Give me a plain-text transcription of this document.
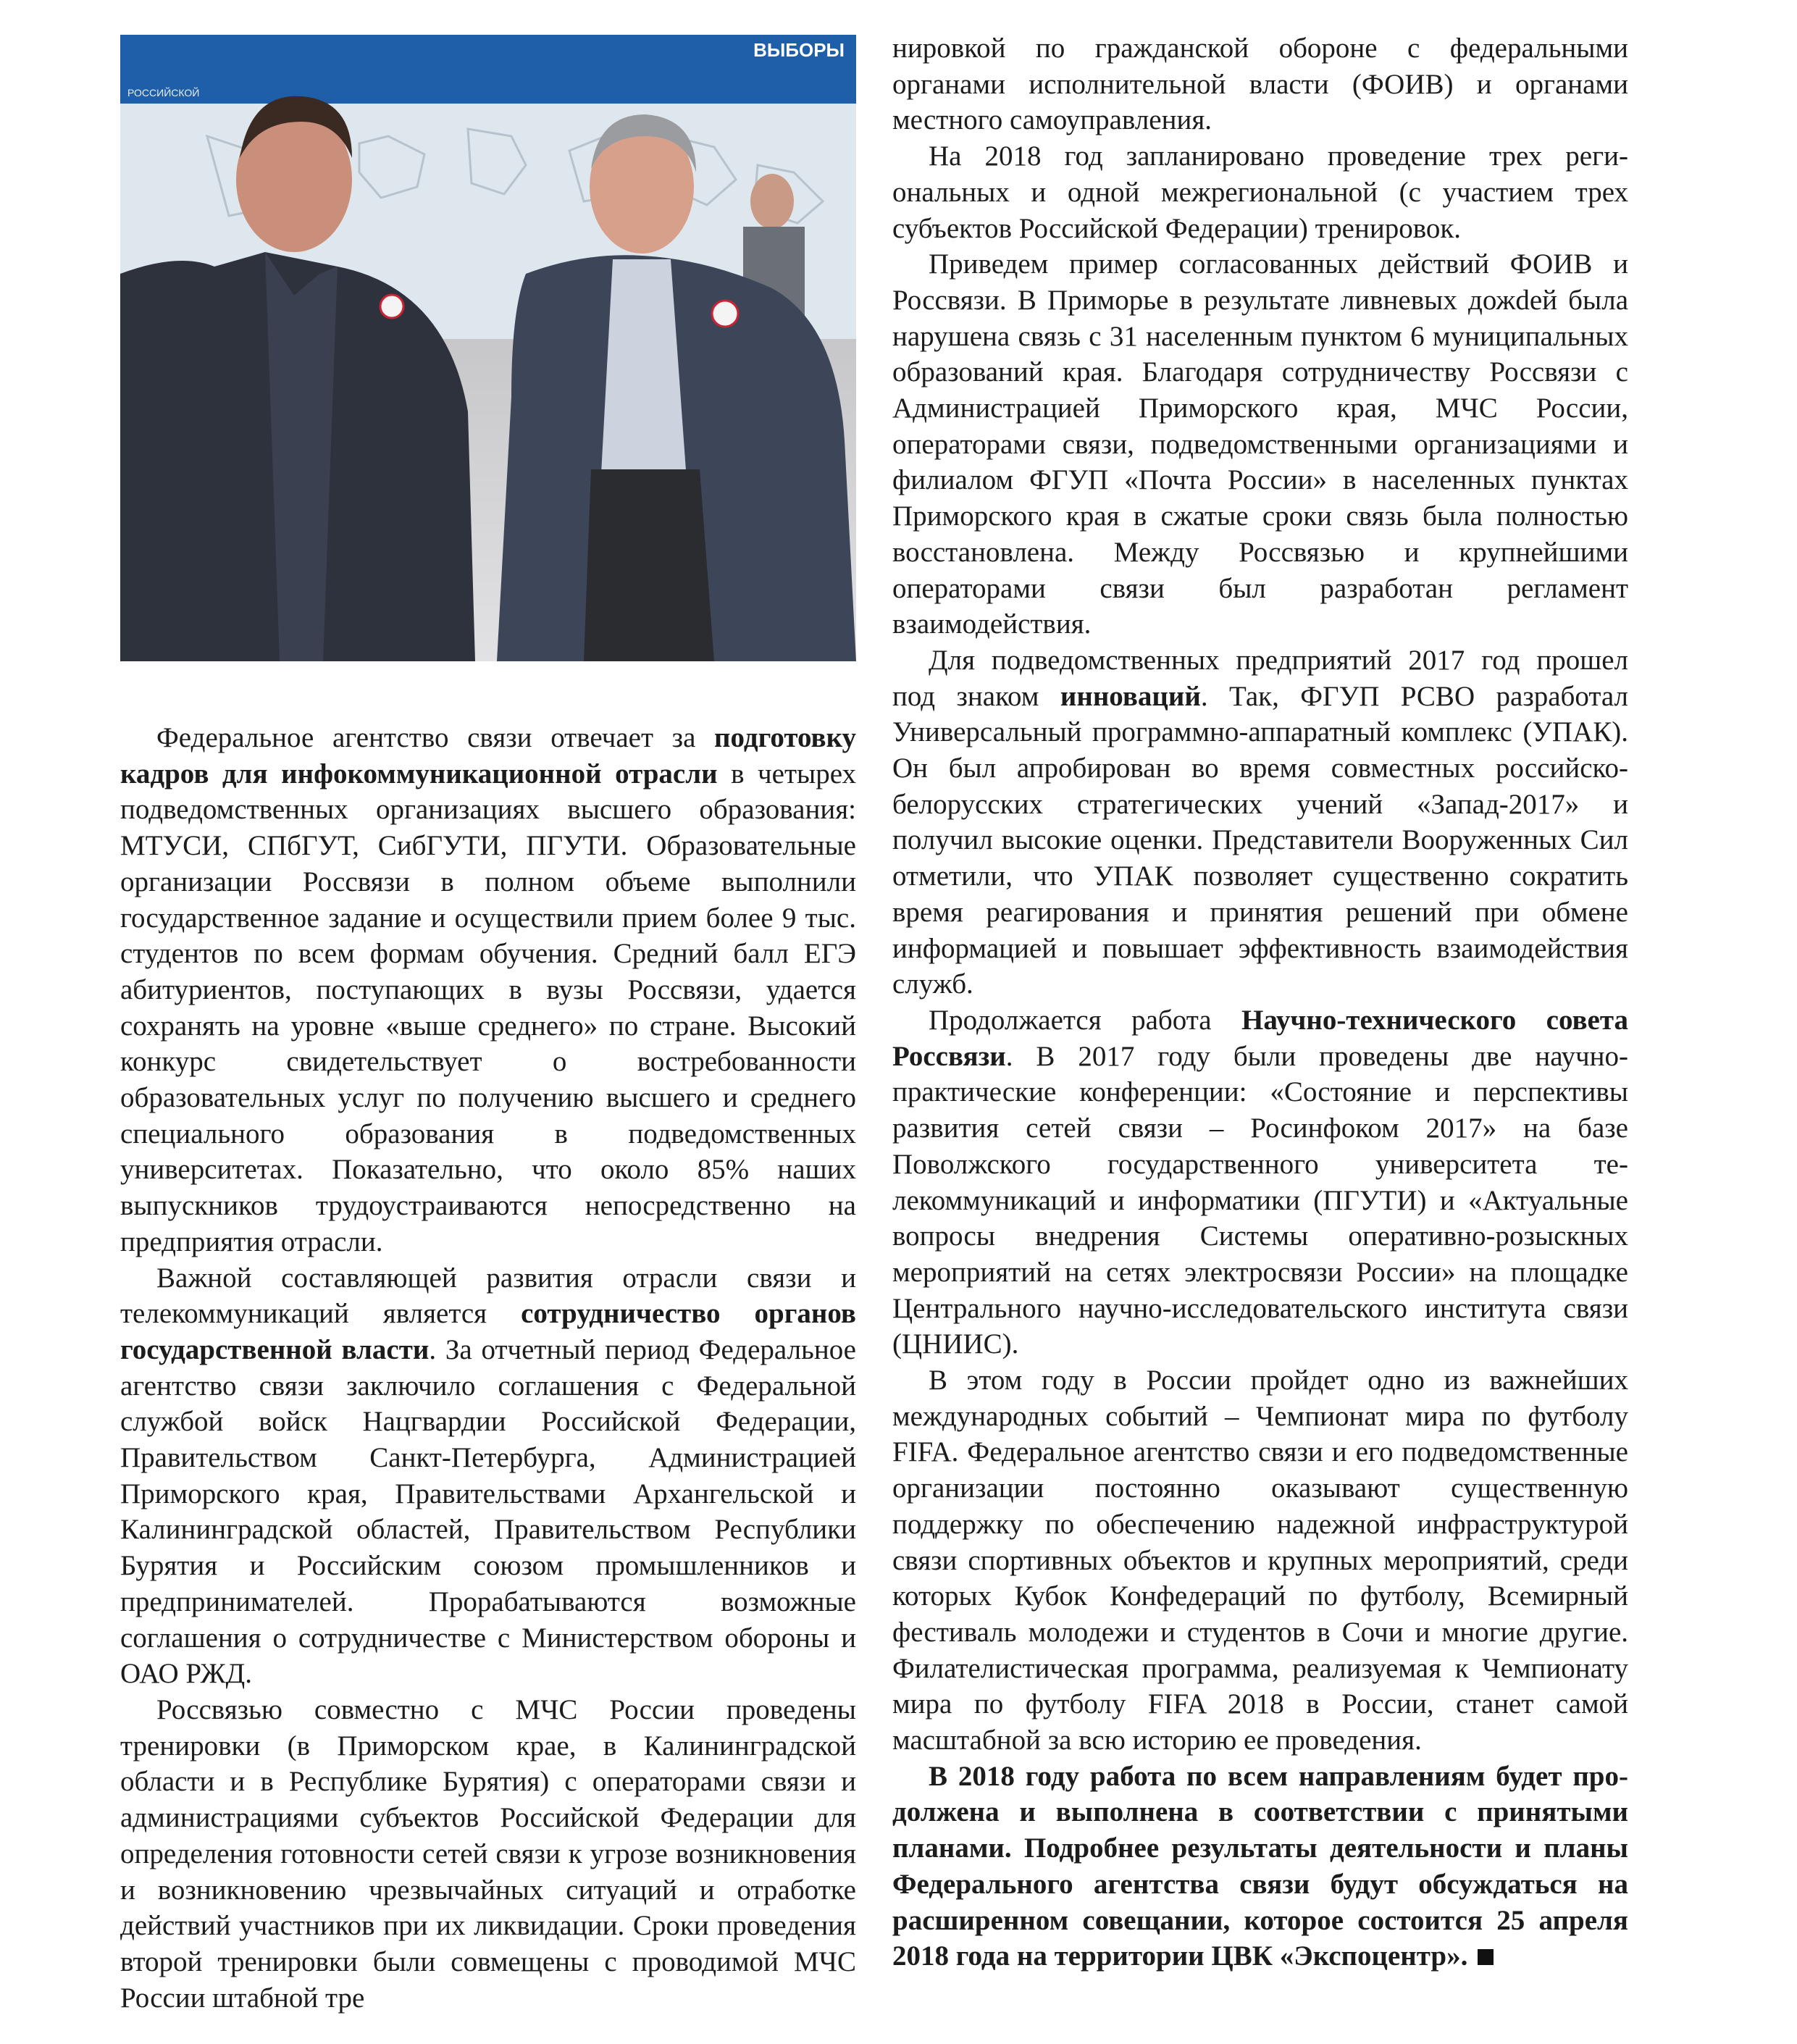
ВЫБОРЫ
РОССИЙСКОЙ

Федеральное агентство связи отвечает за подготовку кадров для инфокоммуникационной отрасли в четырех подведомственных организациях высшего образования: МТУСИ, СПбГУТ, СибГУТИ, ПГУТИ. Образовательные организации Россвязи в полном объеме выполнили государственное задание и осуществили прием более 9 тыс. студентов по всем формам обучения. Средний балл ЕГЭ абитуриентов, поступающих в вузы Россвязи, удается сохранять на уровне «выше среднего» по стране. Высокий конкурс свидетельствует о востребованности образовательных услуг по получению высшего и среднего специального образования в подведомственных университетах. Показательно, что около 85% наших выпускников трудоустраиваются непосредственно на предприятия отрасли.

Важной составляющей развития отрасли связи и телекоммуникаций является сотрудничество органов государственной власти. За отчетный период Федеральное агентство связи заключило соглашения с Федеральной службой войск Нацгвардии Российской Федерации, Правительством Санкт-Петербурга, Администрацией Приморского края, Правительствами Архангельской и Калининградской областей, Правительством Республики Бурятия и Российским союзом промышленников и предпринимателей. Прорабатываются возможные соглашения о сотрудничестве с Министерством обороны и ОАО РЖД.

Россвязью совместно с МЧС России проведены тренировки (в Приморском крае, в Калининградской области и в Республике Бурятия) с операторами связи и администрациями субъектов Российской Федерации для определения готовности сетей связи к угрозе возникновения и возникновению чрезвычайных ситуаций и отработке действий участников при их ликвидации. Сроки проведения второй тренировки были совмещены с проводимой МЧС России штабной тре

нировкой по гражданской обороне с федеральными органами исполнительной власти (ФОИВ) и органами местного самоуправления.

На 2018 год запланировано проведение трех региональных и одной межрегиональной (с участием трех субъектов Российской Федерации) тренировок.

Приведем пример согласованных действий ФОИВ и Россвязи. В Приморье в результате ливневых дожdей была нарушена связь с 31 населенным пунктом 6 муниципальных образований края. Благодаря сотрудничеству Россвязи с Администрацией Приморского края, МЧС России, операторами связи, подведомственными организациями и филиалом ФГУП «Почта России» в населенных пунктах Приморского края в сжатые сроки связь была полностью восстановлена. Между Россвязью и крупнейшими операторами связи был разработан регламент взаимодействия.

Для подведомственных предприятий 2017 год прошел под знаком инноваций. Так, ФГУП РСВО разработал Универсальный программно-аппаратный комплекс (УПАК). Он был апробирован во время совместных российско-белорусских стратегических учений «Запад-2017» и получил высокие оценки. Представители Вооруженных Сил отметили, что УПАК позволяет существенно сократить время реагирования и принятия решений при обмене информацией и повышает эффективность взаимодействия служб.

Продолжается работа Научно-технического совета Россвязи. В 2017 году были проведены две научно-практические конференции: «Состояние и перспективы развития сетей связи – Росинфоком 2017» на базе Поволжского государственного университета телекоммуникаций и информатики (ПГУТИ) и «Актуальные вопросы внедрения Системы оперативно-розыскных мероприятий на сетях электросвязи России» на площадке Центрального научно-исследовательского института связи (ЦНИИС).

В этом году в России пройдет одно из важнейших международных событий – Чемпионат мира по футболу FIFA. Федеральное агентство связи и его подведомственные организации постоянно оказывают существенную поддержку по обеспечению надежной инфраструктурой связи спортивных объектов и крупных мероприятий, среди которых Кубок Конфедераций по футболу, Всемирный фестиваль молодежи и студентов в Сочи и многие другие. Филателистическая программа, реализуемая к Чемпионату мира по футболу FIFA 2018 в России, станет самой масштабной за всю историю ее проведения.

В 2018 году работа по всем направлениям будет продолжена и выполнена в соответствии с принятыми планами. Подробнее результаты деятельности и планы Федерального агентства связи будут обсуждаться на расширенном совещании, которое состоится 25 апреля 2018 года на территории ЦВК «Экспоцентр».
